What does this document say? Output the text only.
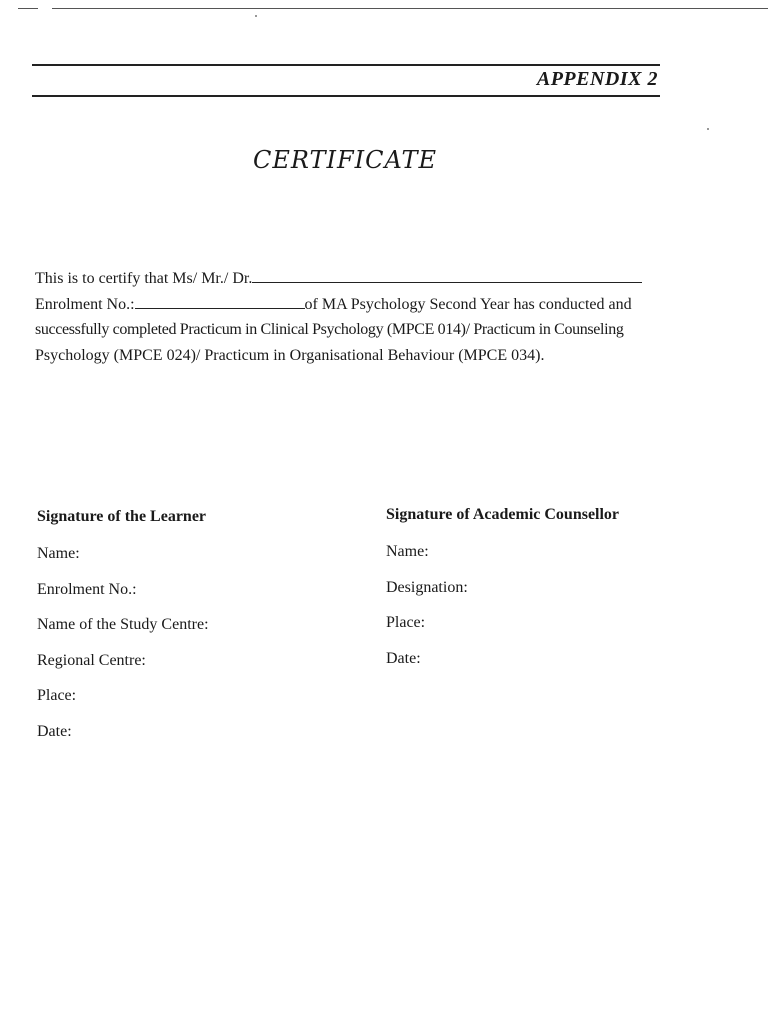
APPENDIX 2
CERTIFICATE
This is to certify that Ms/ Mr./ Dr.
Enrolment No.:	of MA Psychology Second Year has conducted and
successfully completed Practicum in Clinical Psychology (MPCE 014)/ Practicum in Counseling
Psychology (MPCE 024)/ Practicum in Organisational Behaviour (MPCE 034).
Signature of the Learner
Name:
Enrolment No.:
Name of the Study Centre:
Regional Centre:
Place:
Date:
Signature of Academic Counsellor
Name:
Designation:
Place:
Date:
